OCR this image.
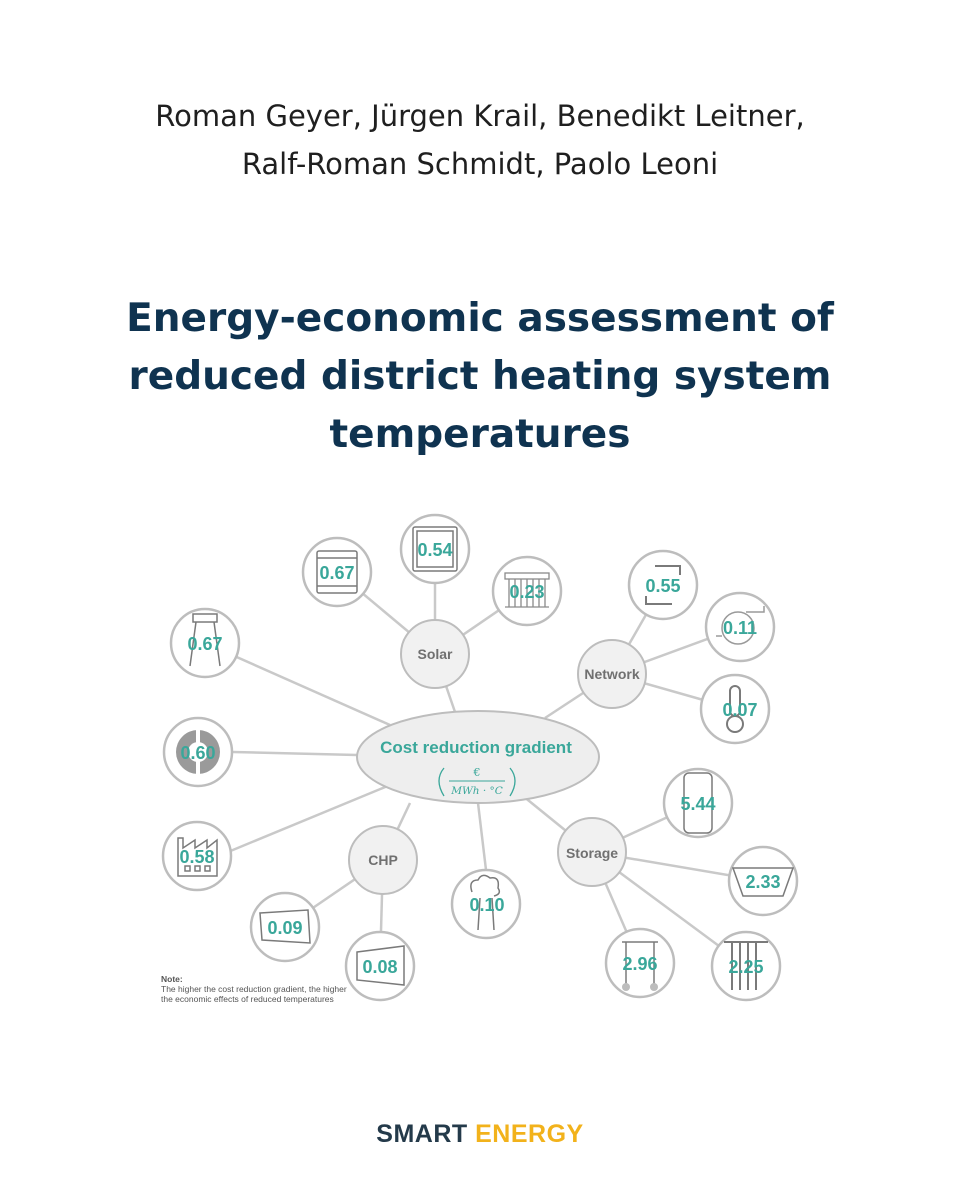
Roman Geyer, Jürgen Krail, Benedikt Leitner,
Ralf-Roman Schmidt, Paolo Leoni
Energy-economic assessment of
reduced district heating system
temperatures
Cost reduction gradient
€
MWh · °C
Solar
Network
CHP	Storage
0.67
0.54
0.23	0.55
0.11
0.07
0.67
0.60
0.58
0.10
0.09
0.08
5.44
2.33
2.96	2.25
Note:
The higher the cost reduction gradient, the higher
the economic effects of reduced temperatures
SMART ENERGY
